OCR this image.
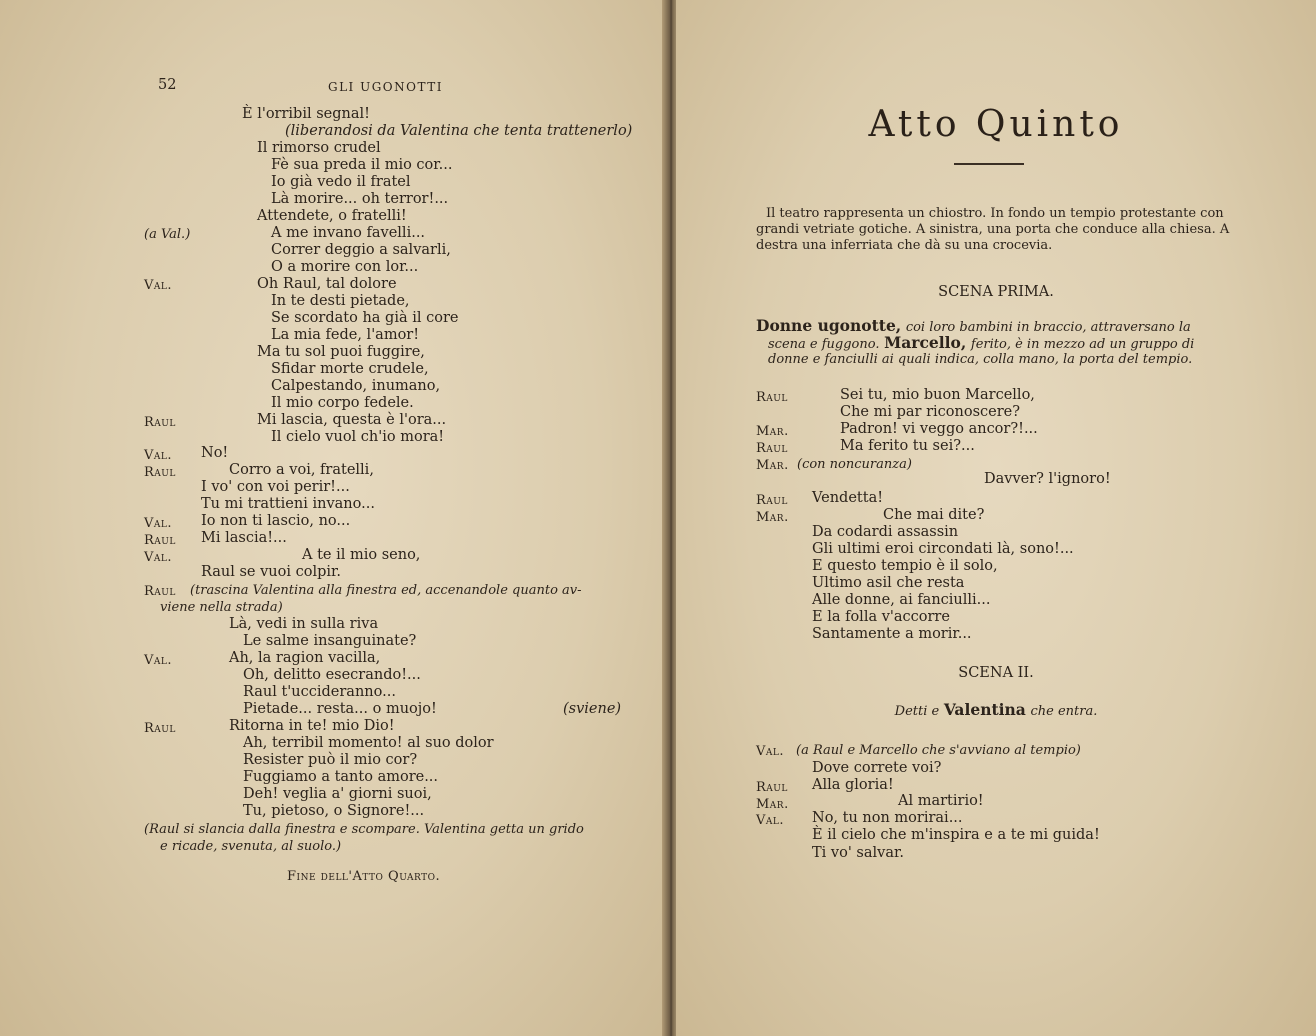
52	GLI UGONOTTI
È l'orribil segnal!
(liberandosi da Valentina che tenta trattenerlo)
Il rimorso crudel
Fè sua preda il mio cor...
Io già vedo il fratel
Là morire... oh terror!...
Attendete, o fratelli!
(a Val.)	A me invano favelli...
Correr deggio a salvarli,
O a morire con lor...
Val.	Oh Raul, tal dolore
In te desti pietade,
Se scordato ha già il core
La mia fede, l'amor!
Ma tu sol puoi fuggire,
Sfidar morte crudele,
Calpestando, inumano,
Il mio corpo fedele.
Raul	Mi lascia, questa è l'ora...
Il cielo vuol ch'io mora!
Val. No!
Raul	Corro a voi, fratelli,
I vo' con voi perir!...
Tu mi trattieni invano...
Val. Io non ti lascio, no...
Raul Mi lascia!...
Val.	A te il mio seno,
Raul se vuoi colpir.
Raul (trascina Valentina alla finestra ed, accenandole quanto av-
viene nella strada)
Là, vedi in sulla riva
Le salme insanguinate?
Val.	Ah, la ragion vacilla,
Oh, delitto esecrando!...
Raul t'uccideranno...
Pietade... resta... o muojo!	(sviene)
Raul	Ritorna in te! mio Dio!
Ah, terribil momento! al suo dolor
Resister può il mio cor?
Fuggiamo a tanto amore...
Deh! veglia a' giorni suoi,
Tu, pietoso, o Signore!...
(Raul si slancia dalla finestra e scompare. Valentina getta un grido
e ricade, svenuta, al suolo.)
Fine dell'Atto Quarto.
Atto Quinto
Il teatro rappresenta un chiostro. In fondo un tempio protestante con
grandi vetriate gotiche. A sinistra, una porta che conduce alla chiesa. A
destra una inferriata che dà su una crocevia.
SCENA PRIMA.
Donne ugonotte, coi loro bambini in braccio, attraversano la
scena e fuggono. Marcello, ferito, è in mezzo ad un gruppo di
donne e fanciulli ai quali indica, colla mano, la porta del tempio.
Raul	Sei tu, mio buon Marcello,
Che mi par riconoscere?
Mar.	Padron! vi veggo ancor?!...
Raul	Ma ferito tu sei?...
Mar. (con noncuranza)
Davver? l'ignoro!
Raul Vendetta!
Mar.	Che mai dite?
Da codardi assassin
Gli ultimi eroi circondati là, sono!...
E questo tempio è il solo,
Ultimo asil che resta
Alle donne, ai fanciulli...
E la folla v'accorre
Santamente a morir...
SCENA II.
Detti e Valentina che entra.
Val. (a Raul e Marcello che s'avviano al tempio)
Dove correte voi?
Raul Alla gloria!
Mar.	Al martirio!
Val. No, tu non morirai...
È il cielo che m'inspira e a te mi guida!
Ti vo' salvar.
